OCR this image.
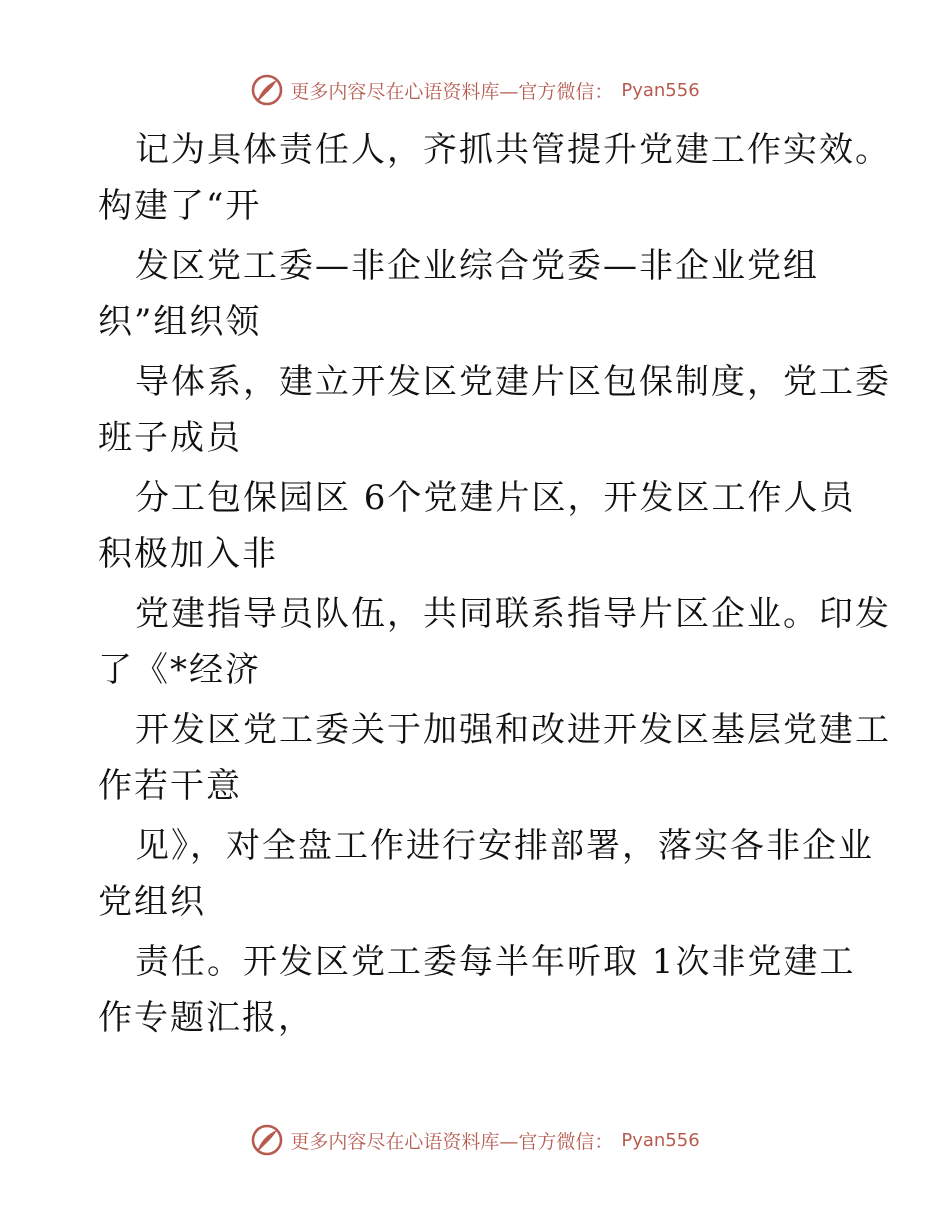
更多内容尽在心语资料库—官方微信： Pyan556
记为具体责任人，齐抓共管提升党建工作实效。
构建了“开
发区党工委—非企业综合党委—非企业党组
织”组织领
导体系，建立开发区党建片区包保制度，党工委
班子成员
分工包保园区 6个党建片区，开发区工作人员
积极加入非
党建指导员队伍，共同联系指导片区企业。印发
了《*经济
开发区党工委关于加强和改进开发区基层党建工
作若干意
见》，对全盘工作进行安排部署，落实各非企业
党组织
责任。开发区党工委每半年听取 1次非党建工
作专题汇报，
更多内容尽在心语资料库—官方微信： Pyan556
